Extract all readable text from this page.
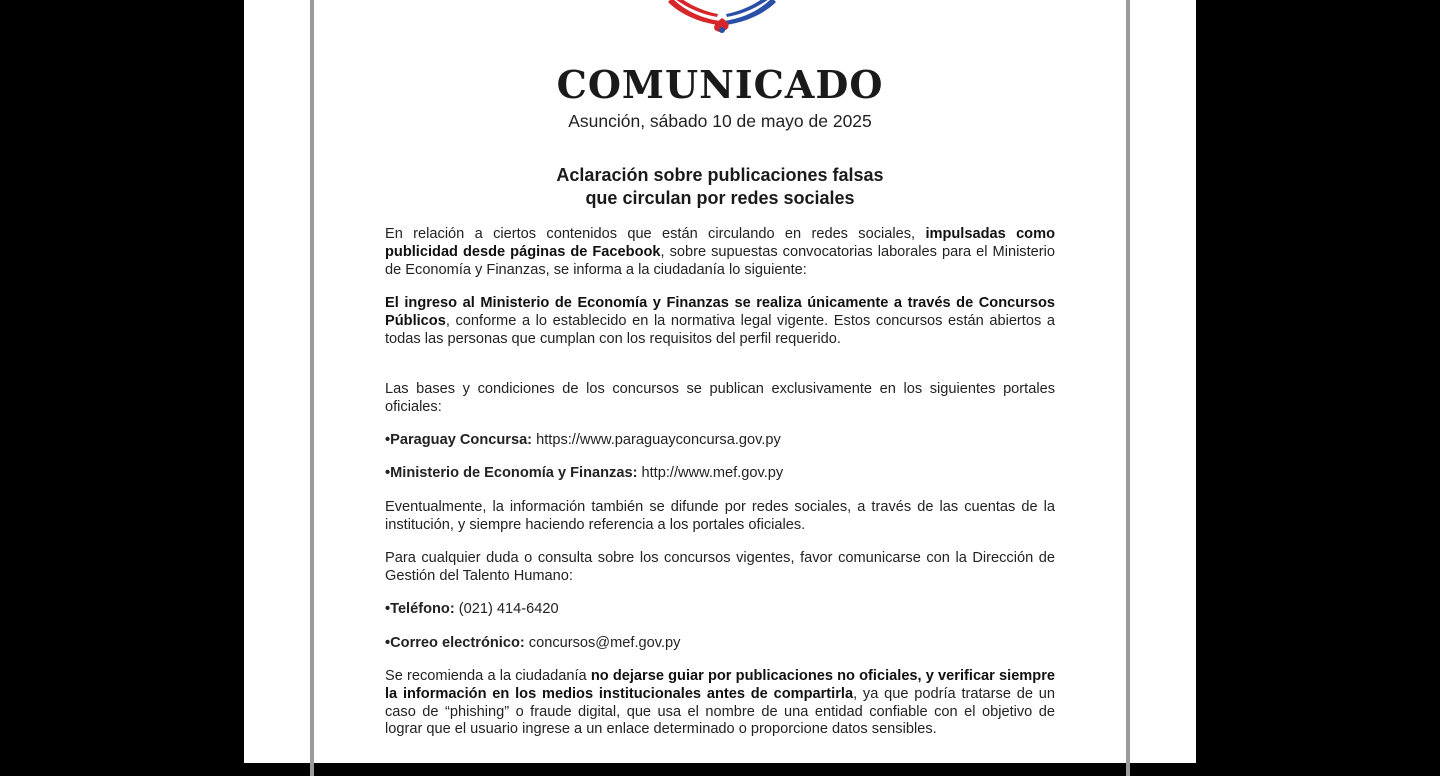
COMUNICADO
Asunción, sábado 10 de mayo de 2025
Aclaración sobre publicaciones falsas
que circulan por redes sociales

En relación a ciertos contenidos que están circulando en redes sociales, impulsadas como publicidad desde páginas de Facebook, sobre supuestas convocatorias laborales para el Ministerio de Economía y Finanzas, se informa a la ciudadanía lo siguiente:

El ingreso al Ministerio de Economía y Finanzas se realiza únicamente a través de Concursos Públicos, conforme a lo establecido en la normativa legal vigente. Estos concursos están abiertos a todas las personas que cumplan con los requisitos del perfil requerido.

Las bases y condiciones de los concursos se publican exclusivamente en los siguientes portales oficiales:

•Paraguay Concursa: https://www.paraguayconcursa.gov.py
•Ministerio de Economía y Finanzas: http://www.mef.gov.py

Eventualmente, la información también se difunde por redes sociales, a través de las cuentas de la institución, y siempre haciendo referencia a los portales oficiales.

Para cualquier duda o consulta sobre los concursos vigentes, favor comunicarse con la Dirección de Gestión del Talento Humano:

•Teléfono: (021) 414-6420
•Correo electrónico: concursos@mef.gov.py

Se recomienda a la ciudadanía no dejarse guiar por publicaciones no oficiales, y verificar siempre la información en los medios institucionales antes de compartirla, ya que podría tratarse de un caso de “phishing” o fraude digital, que usa el nombre de una entidad confiable con el objetivo de lograr que el usuario ingrese a un enlace determinado o proporcione datos sensibles.
